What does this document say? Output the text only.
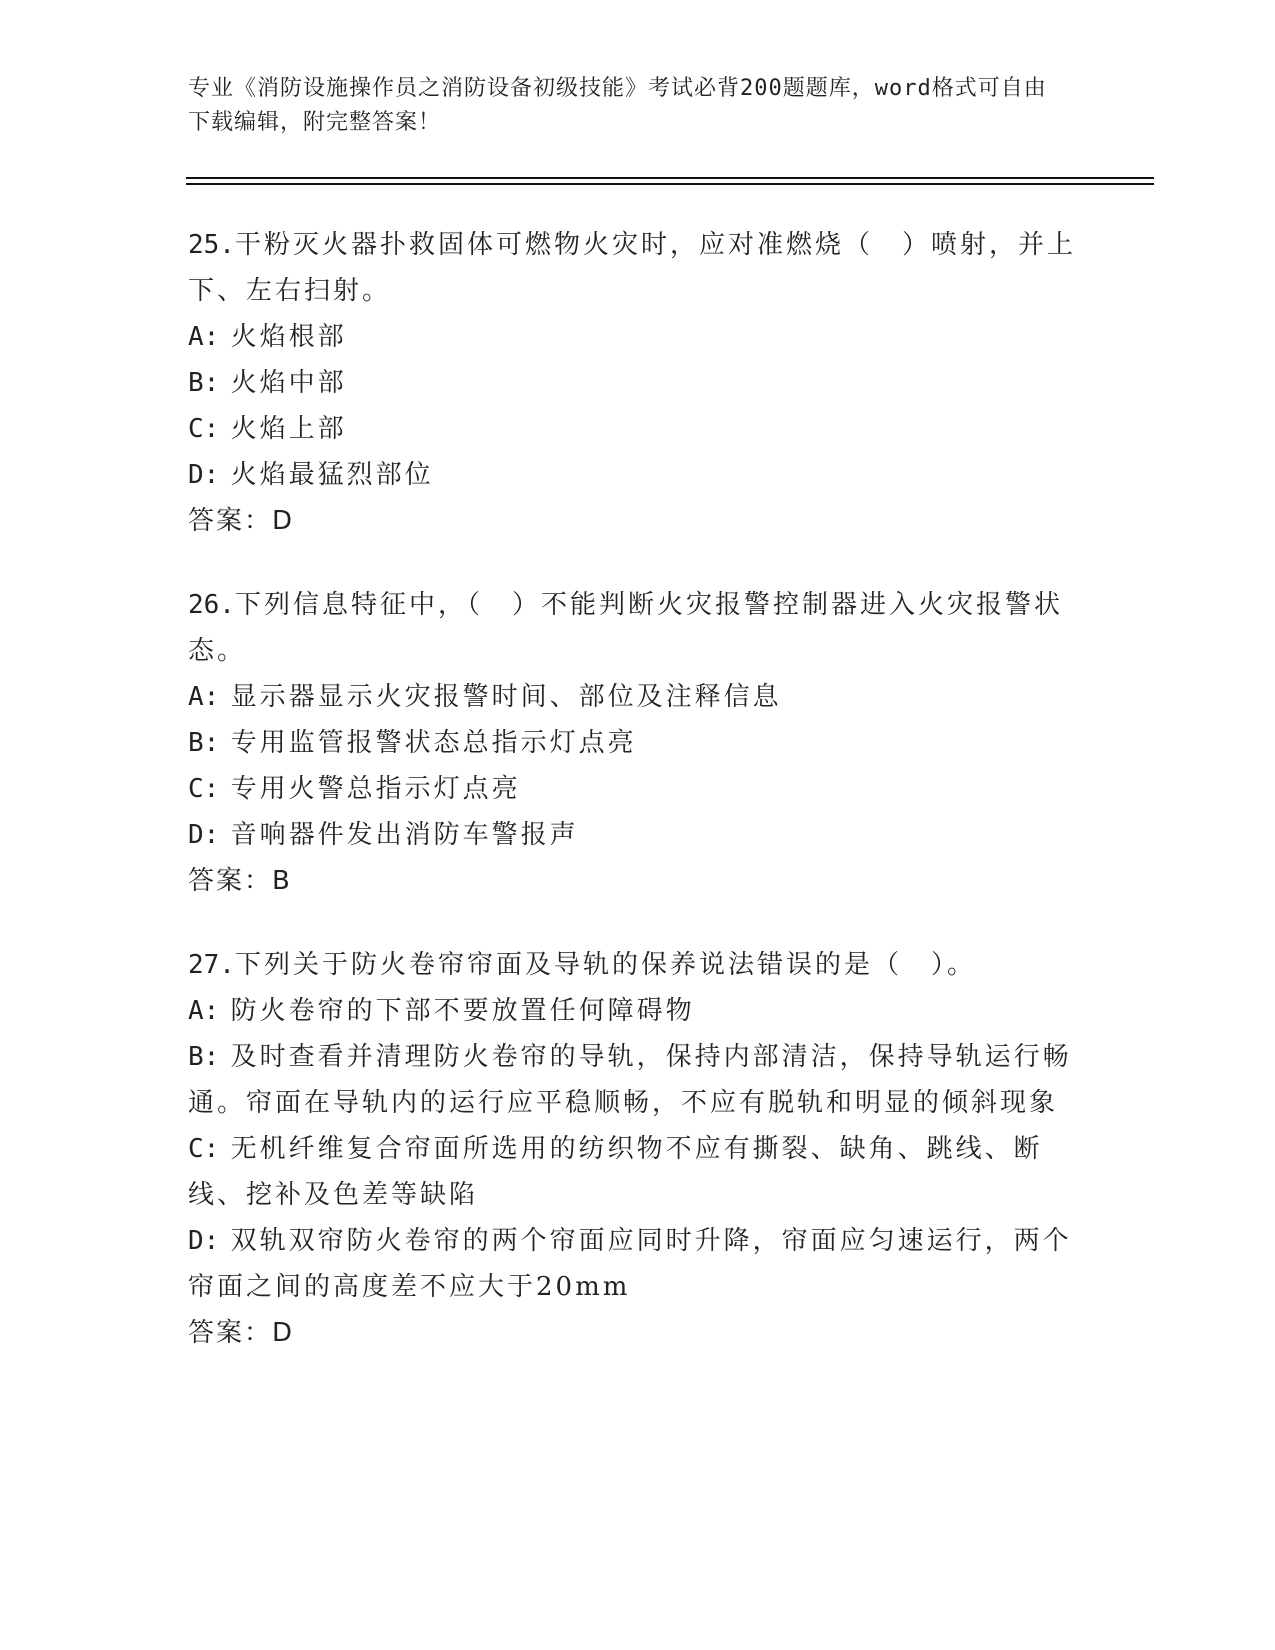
专业《消防设施操作员之消防设备初级技能》考试必背200题题库，word格式可自由下载编辑，附完整答案！

25.干粉灭火器扑救固体可燃物火灾时，应对准燃烧（　）喷射，并上下、左右扫射。

A: 火焰根部

B: 火焰中部

C: 火焰上部

D: 火焰最猛烈部位

答案：D

26.下列信息特征中，（　）不能判断火灾报警控制器进入火灾报警状态。

A: 显示器显示火灾报警时间、部位及注释信息

B: 专用监管报警状态总指示灯点亮

C: 专用火警总指示灯点亮

D: 音响器件发出消防车警报声

答案：B

27.下列关于防火卷帘帘面及导轨的保养说法错误的是（　）。

A: 防火卷帘的下部不要放置任何障碍物

B: 及时查看并清理防火卷帘的导轨，保持内部清洁，保持导轨运行畅通。帘面在导轨内的运行应平稳顺畅，不应有脱轨和明显的倾斜现象

C: 无机纤维复合帘面所选用的纺织物不应有撕裂、缺角、跳线、断线、挖补及色差等缺陷

D: 双轨双帘防火卷帘的两个帘面应同时升降，帘面应匀速运行，两个帘面之间的高度差不应大于20mm

答案：D
